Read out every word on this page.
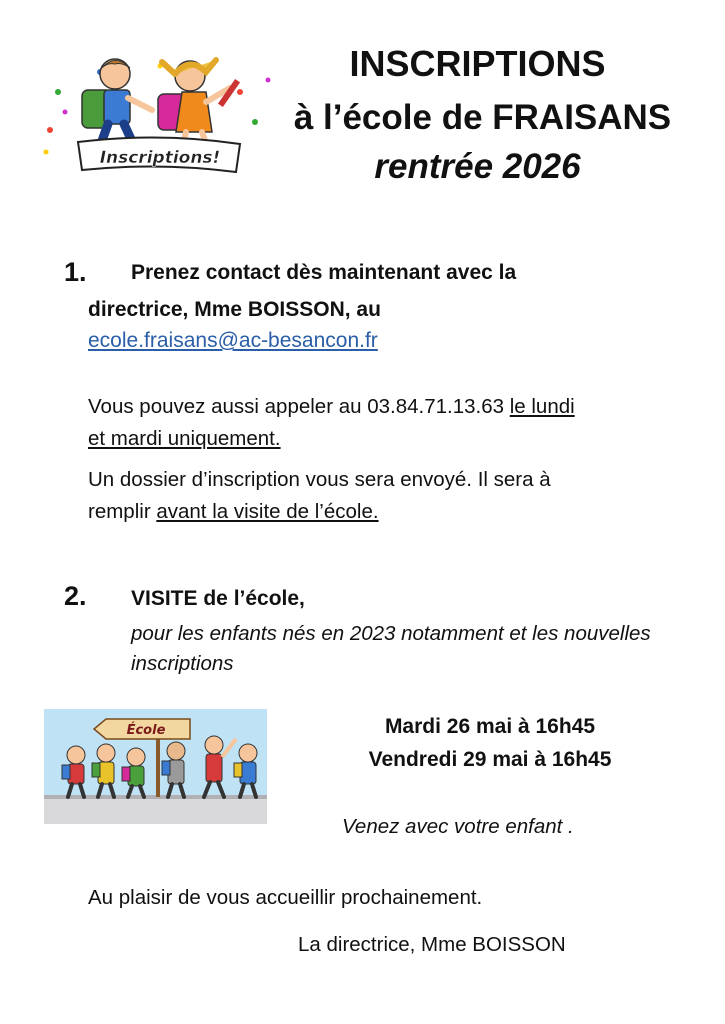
Inscriptions!
INSCRIPTIONS
à l’école de FRAISANS
rentrée 2026
1. Prenez contact dès maintenant avec la
directrice, Mme BOISSON, au
ecole.fraisans@ac-besancon.fr
Vous pouvez aussi appeler au 03.84.71.13.63 le lundi
et mardi uniquement.
Un dossier d’inscription vous sera envoyé. Il sera à
remplir avant la visite de l’école.
2. VISITE de l’école,
pour les enfants nés en 2023 notamment et les nouvelles inscriptions
École	Mardi 26 mai à 16h45
Vendredi 29 mai à 16h45
Venez avec votre enfant .
Au plaisir de vous accueillir prochainement.
La directrice, Mme BOISSON
